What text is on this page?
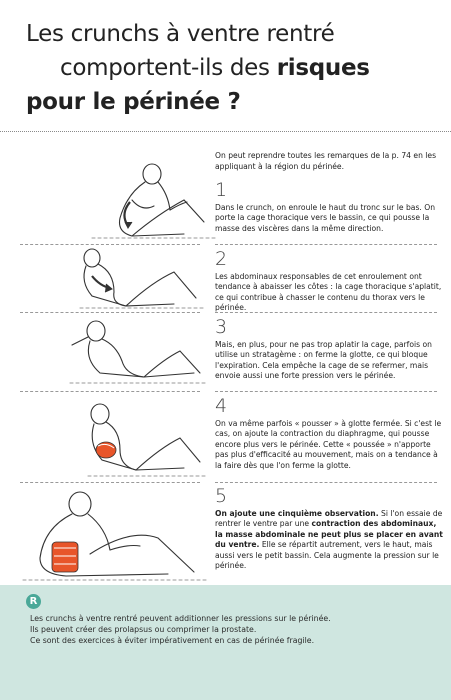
Les crunchs à ventre rentré
comportent-ils des risques
pour le périnée ?
On peut reprendre toutes les remarques de la p. 74 en les appliquant à la région du périnée.
1
Dans le crunch, on enroule le haut du tronc sur le bas. On porte la cage thoracique vers le bassin, ce qui pousse la masse des viscères dans la même direction.
2
Les abdominaux responsables de cet enroulement ont tendance à abaisser les côtes : la cage thoracique s'aplatit, ce qui contribue à chasser le contenu du thorax vers le périnée.
3
Mais, en plus, pour ne pas trop aplatir la cage, parfois on utilise un stratagème : on ferme la glotte, ce qui bloque l'expiration. Cela empêche la cage de se refermer, mais envoie aussi une forte pression vers le périnée.
4
On va même parfois « pousser » à glotte fermée. Si c'est le cas, on ajoute la contraction du diaphragme, qui pousse encore plus vers le périnée. Cette « poussée » n'apporte pas plus d'efficacité au mouvement, mais on a tendance à la faire dès que l'on ferme la glotte.
5
On ajoute une cinquième observation. Si l'on essaie de rentrer le ventre par une contraction des abdominaux, la masse abdominale ne peut plus se placer en avant du ventre. Elle se répartit autrement, vers le haut, mais aussi vers le petit bassin. Cela augmente la pression sur le périnée.
R
Les crunchs à ventre rentré peuvent additionner les pressions sur le périnée.
Ils peuvent créer des prolapsus ou comprimer la prostate.
Ce sont des exercices à éviter impérativement en cas de périnée fragile.
